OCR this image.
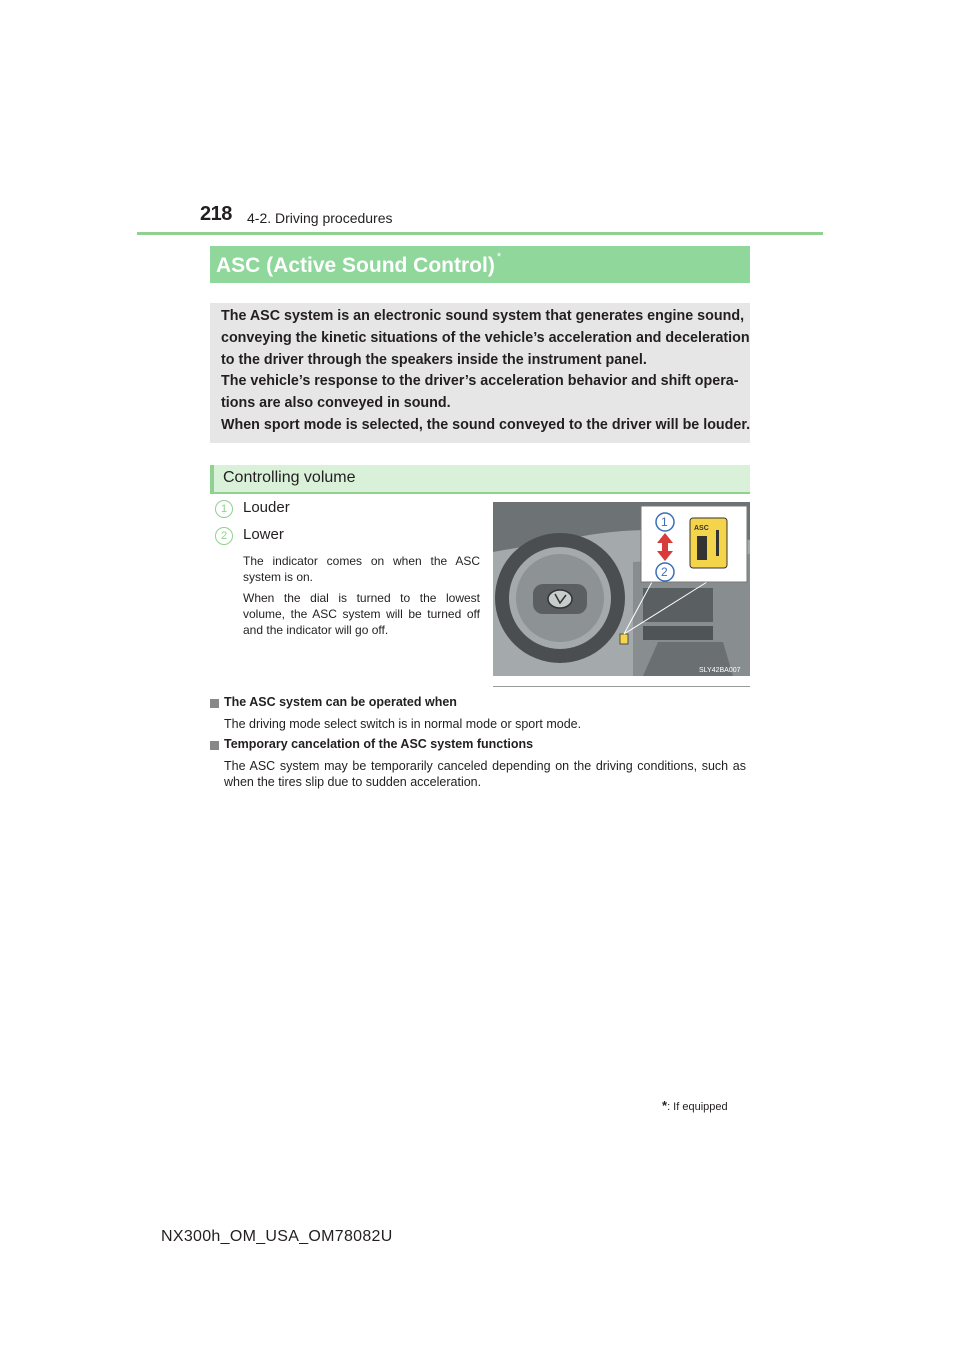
218 4-2. Driving procedures
ASC (Active Sound Control) *
The ASC system is an electronic sound system that generates engine sound,
conveying the kinetic situations of the vehicle’s acceleration and deceleration
to the driver through the speakers inside the instrument panel.
The vehicle’s response to the driver’s acceleration behavior and shift opera-
tions are also conveyed in sound.
When sport mode is selected, the sound conveyed to the driver will be louder.
Controlling volume
1	Louder
2	Lower
The indicator comes on when the ASC system is on.
When the dial is turned to the lowest volume, the ASC system will be turned off and the indicator will go off.
ASC
1
2
SLY42BA007
The ASC system can be operated when
The driving mode select switch is in normal mode or sport mode.
Temporary cancelation of the ASC system functions
The ASC system may be temporarily canceled depending on the driving conditions, such as when the tires slip due to sudden acceleration.
*: If equipped
NX300h_OM_USA_OM78082U
